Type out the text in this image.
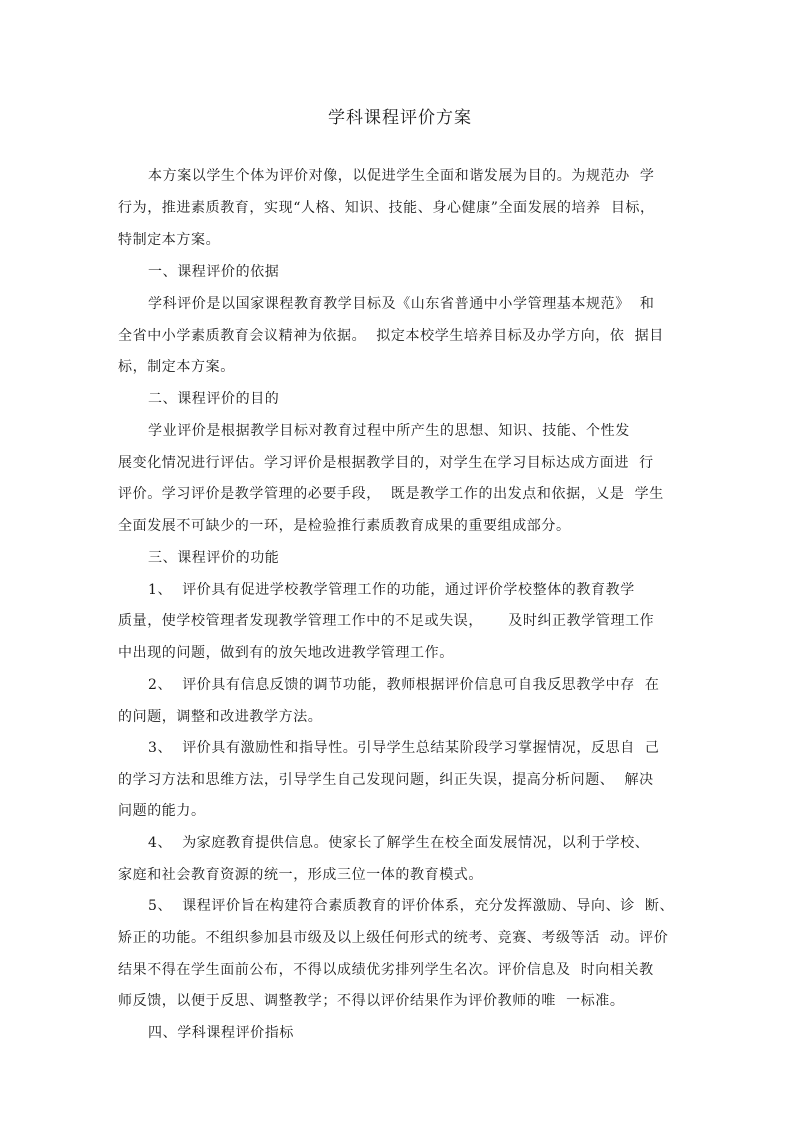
学科课程评价方案
本方案以学生个体为评价对像，以促进学生全面和谐发展为目的。为规范办  学
行为，推进素质教育，实现“人格、知识、技能、身心健康”全面发展的培养  目标，
特制定本方案。
一、课程评价的依据
学科评价是以国家课程教育教学目标及《山东省普通中小学管理基本规范》  和
全省中小学素质教育会议精神为依据。  拟定本校学生培养目标及办学方向，依  据目
标，制定本方案。
二、课程评价的目的
学业评价是根据教学目标对教育过程中所产生的思想、知识、技能、个性发
展变化情况进行评估。学习评价是根据教学目的，对学生在学习目标达成方面进  行
评价。学习评价是教学管理的必要手段，  既是教学工作的出发点和依据，乂是  学生
全面发展不可缺少的一环，是检验推行素质教育成果的重要组成部分。
三、课程评价的功能
1、  评价具有促进学校教学管理工作的功能，通过评价学校整体的教育教学
质量，使学校管理者发现教学管理工作中的不足或失误，     及时纠正教学管理工作
中出现的问题，做到有的放矢地改进教学管理工作。
2、  评价具有信息反馈的调节功能，教师根据评价信息可自我反思教学中存  在
的问题，调整和改进教学方法。
3、  评价具有激励性和指导性。引导学生总结某阶段学习掌握情况，反思自  己
的学习方法和思维方法，引导学生自己发现问题，纠正失误，提高分析问题、  解决
问题的能力。
4、  为家庭教育提供信息。使家长了解学生在校全面发展情况，以利于学校、
家庭和社会教育资源的统一，形成三位一体的教育模式。
5、  课程评价旨在构建符合素质教育的评价体系，充分发挥激励、导向、诊  断、
矫正的功能。不组织参加县市级及以上级任何形式的统考、竞赛、考级等活  动。评价
结果不得在学生面前公布，不得以成绩优劣排列学生名次。评价信息及  时向相关教
师反馈，以便于反思、调整教学；不得以评价结果作为评价教师的唯  一标准。
四、学科课程评价指标
